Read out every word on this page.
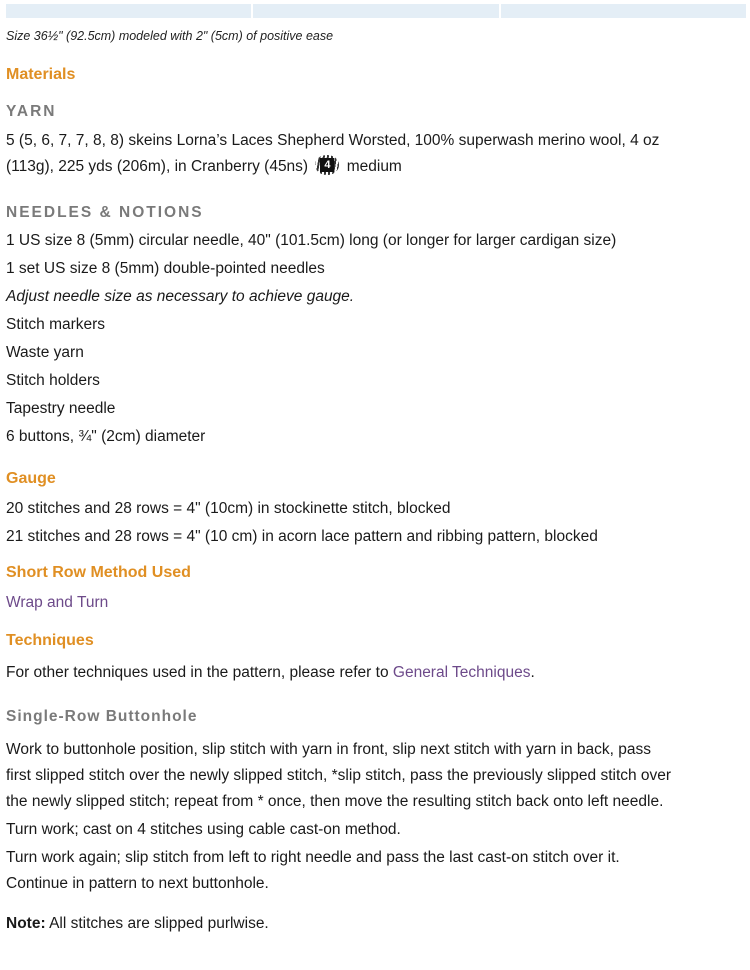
Size 36½" (92.5cm) modeled with 2" (5cm) of positive ease
Materials
YARN

5 (5, 6, 7, 7, 8, 8) skeins Lorna’s Laces Shepherd Worsted, 100% superwash merino wool, 4 oz

(113g), 225 yds (206m), in Cranberry (45ns)	4 medium

NEEDLES & NOTIONS

1 US size 8 (5mm) circular needle, 40" (101.5cm) long (or longer for larger cardigan size)

1 set US size 8 (5mm) double-pointed needles

Adjust needle size as necessary to achieve gauge.

Stitch markers

Waste yarn

Stitch holders

Tapestry needle

6 buttons, ¾" (2cm) diameter

Gauge

20 stitches and 28 rows = 4" (10cm) in stockinette stitch, blocked

21 stitches and 28 rows = 4" (10 cm) in acorn lace pattern and ribbing pattern, blocked

Short Row Method Used

Wrap and Turn

Techniques

For other techniques used in the pattern, please refer to General Techniques.

Single-Row Buttonhole

Work to buttonhole position, slip stitch with yarn in front, slip next stitch with yarn in back, pass

first slipped stitch over the newly slipped stitch, *slip stitch, pass the previously slipped stitch over

the newly slipped stitch; repeat from * once, then move the resulting stitch back onto left needle.

Turn work; cast on 4 stitches using cable cast-on method.

Turn work again; slip stitch from left to right needle and pass the last cast-on stitch over it.

Continue in pattern to next buttonhole.

Note: All stitches are slipped purlwise.
